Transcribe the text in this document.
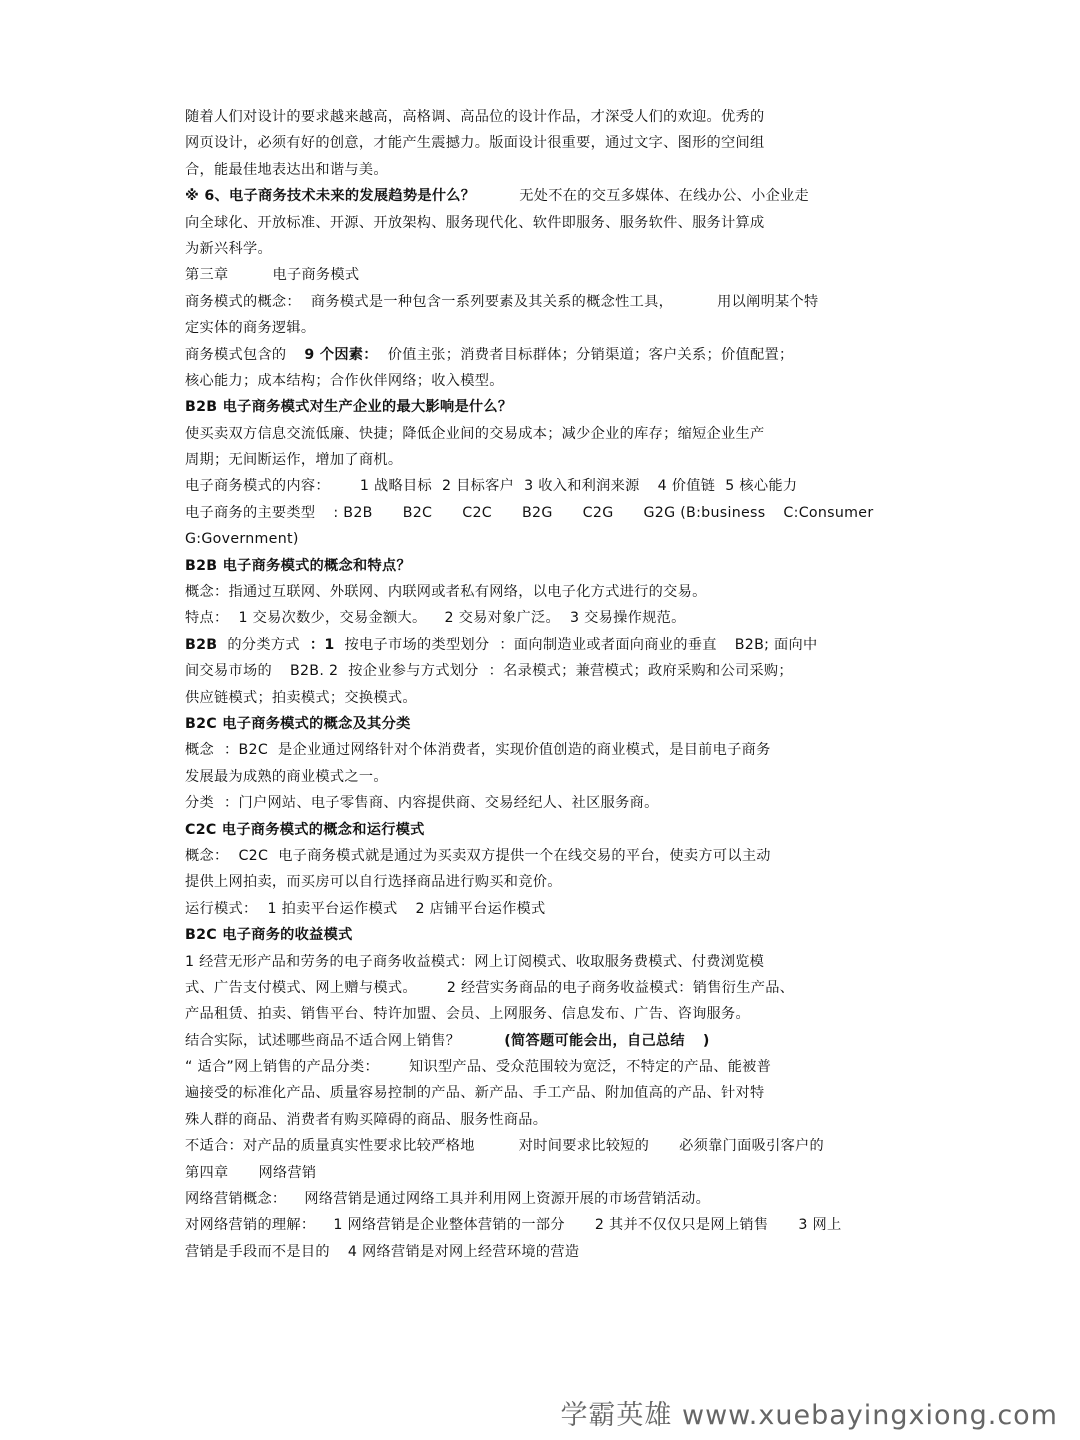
随着人们对设计的要求越来越高，高格调、高品位的设计作品，才深受人们的欢迎。优秀的
网页设计，必须有好的创意，才能产生震撼力。版面设计很重要，通过文字、图形的空间组
合，能最佳地表达出和谐与美。
※ 6、电子商务技术未来的发展趋势是什么？	无处不在的交互多媒体、在线办公、小企业走
向全球化、开放标准、开源、开放架构、服务现代化、软件即服务、服务软件、服务计算成
为新兴科学。
第三章	电子商务模式
商务模式的概念： 商务模式是一种包含一系列要素及其关系的概念性工具，	用以阐明某个特
定实体的商务逻辑。
商务模式包含的 9 个因素： 价值主张；消费者目标群体；分销渠道；客户关系；价值配置；
核心能力；成本结构；合作伙伴网络；收入模型。
B2B 电子商务模式对生产企业的最大影响是什么？
使买卖双方信息交流低廉、快捷；降低企业间的交易成本；减少企业的库存；缩短企业生产
周期；无间断运作，增加了商机。
电子商务模式的内容： 1 战略目标 2 目标客户 3 收入和利润来源 4 价值链 5 核心能力
电子商务的主要类型 : B2B B2C C2C B2G C2G G2G (B:business C:Consumer
G:Government)
B2B 电子商务模式的概念和特点？
概念：指通过互联网、外联网、内联网或者私有网络，以电子化方式进行的交易。
特点： 1 交易次数少，交易金额大。 2 交易对象广泛。 3 交易操作规范。
B2B 的分类方式 ：1 按电子市场的类型划分 ：面向制造业或者面向商业的垂直 B2B; 面向中
间交易市场的 B2B. 2 按企业参与方式划分 ：名录模式；兼营模式；政府采购和公司采购；
供应链模式；拍卖模式；交换模式。
B2C 电子商务模式的概念及其分类
概念 ：B2C 是企业通过网络针对个体消费者，实现价值创造的商业模式，是目前电子商务
发展最为成熟的商业模式之一。
分类 ：门户网站、电子零售商、内容提供商、交易经纪人、社区服务商。
C2C 电子商务模式的概念和运行模式
概念： C2C 电子商务模式就是通过为买卖双方提供一个在线交易的平台，使卖方可以主动
提供上网拍卖，而买房可以自行选择商品进行购买和竞价。
运行模式： 1 拍卖平台运作模式 2 店铺平台运作模式
B2C 电子商务的收益模式
1 经营无形产品和劳务的电子商务收益模式：网上订阅模式、收取服务费模式、付费浏览模
式、广告支付模式、网上赠与模式。 2 经营实务商品的电子商务收益模式：销售衍生产品、
产品租赁、拍卖、销售平台、特许加盟、会员、上网服务、信息发布、广告、咨询服务。
结合实际，试述哪些商品不适合网上销售？	(简答题可能会出，自己总结 )
“ 适合”网上销售的产品分类： 知识型产品、受众范围较为宽泛，不特定的产品、能被普
遍接受的标准化产品、质量容易控制的产品、新产品、手工产品、附加值高的产品、针对特
殊人群的商品、消费者有购买障碍的商品、服务性商品。
不适合：对产品的质量真实性要求比较严格地	对时间要求比较短的 必须靠门面吸引客户的
第四章 网络营销
网络营销概念： 网络营销是通过网络工具并利用网上资源开展的市场营销活动。
对网络营销的理解： 1 网络营销是企业整体营销的一部分 2 其并不仅仅只是网上销售 3 网上
营销是手段而不是目的 4 网络营销是对网上经营环境的营造
学霸英雄 www.xuebayingxiong.com
